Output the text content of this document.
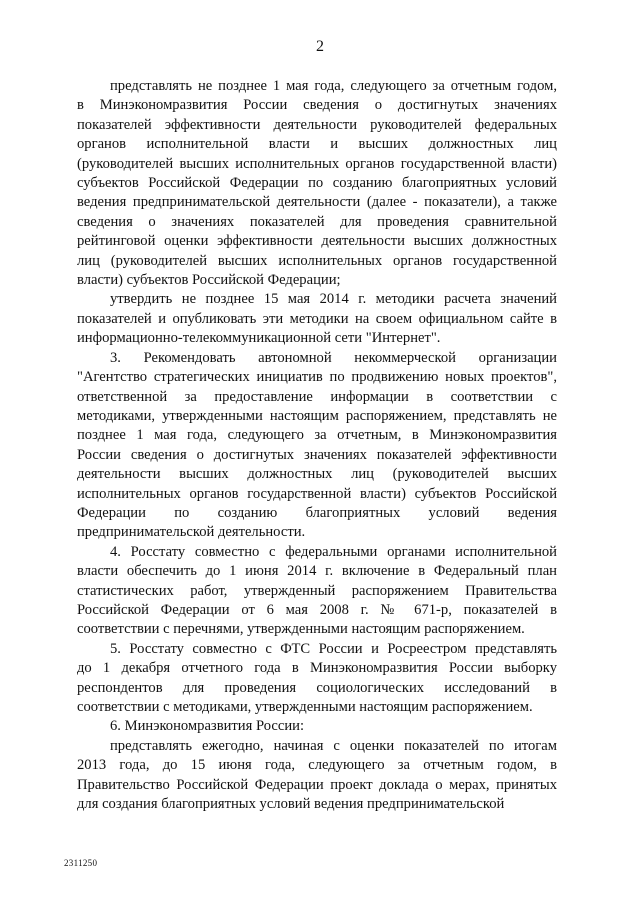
2

представлять не позднее 1 мая года, следующего за отчетным годом,
в Минэкономразвития России сведения о достигнутых значениях
показателей эффективности деятельности руководителей федеральных
органов исполнительной власти и высших должностных лиц
(руководителей высших исполнительных органов государственной власти)
субъектов Российской Федерации по созданию благоприятных условий
ведения предпринимательской деятельности (далее - показатели), а также
сведения о значениях показателей для проведения сравнительной
рейтинговой оценки эффективности деятельности высших должностных
лиц (руководителей высших исполнительных органов государственной
власти) субъектов Российской Федерации;

утвердить не позднее 15 мая 2014 г. методики расчета значений
показателей и опубликовать эти методики на своем официальном сайте в
информационно-телекоммуникационной сети "Интернет".

3. Рекомендовать автономной некоммерческой организации
"Агентство стратегических инициатив по продвижению новых проектов",
ответственной за предоставление информации в соответствии с
методиками, утвержденными настоящим распоряжением, представлять не
позднее 1 мая года, следующего за отчетным, в Минэкономразвития
России сведения о достигнутых значениях показателей эффективности
деятельности высших должностных лиц (руководителей высших
исполнительных органов государственной власти) субъектов Российской
Федерации по созданию благоприятных условий ведения
предпринимательской деятельности.

4. Росстату совместно с федеральными органами исполнительной
власти обеспечить до 1 июня 2014 г. включение в Федеральный план
статистических работ, утвержденный распоряжением Правительства
Российской Федерации от 6 мая 2008 г. № 671-р, показателей в
соответствии с перечнями, утвержденными настоящим распоряжением.

5. Росстату совместно с ФТС России и Росреестром представлять
до 1 декабря отчетного года в Минэкономразвития России выборку
респондентов для проведения социологических исследований в
соответствии с методиками, утвержденными настоящим распоряжением.

6. Минэкономразвития России:

представлять ежегодно, начиная с оценки показателей по итогам
2013 года, до 15 июня года, следующего за отчетным годом, в
Правительство Российской Федерации проект доклада о мерах, принятых
для создания благоприятных условий ведения предпринимательской

2311250
